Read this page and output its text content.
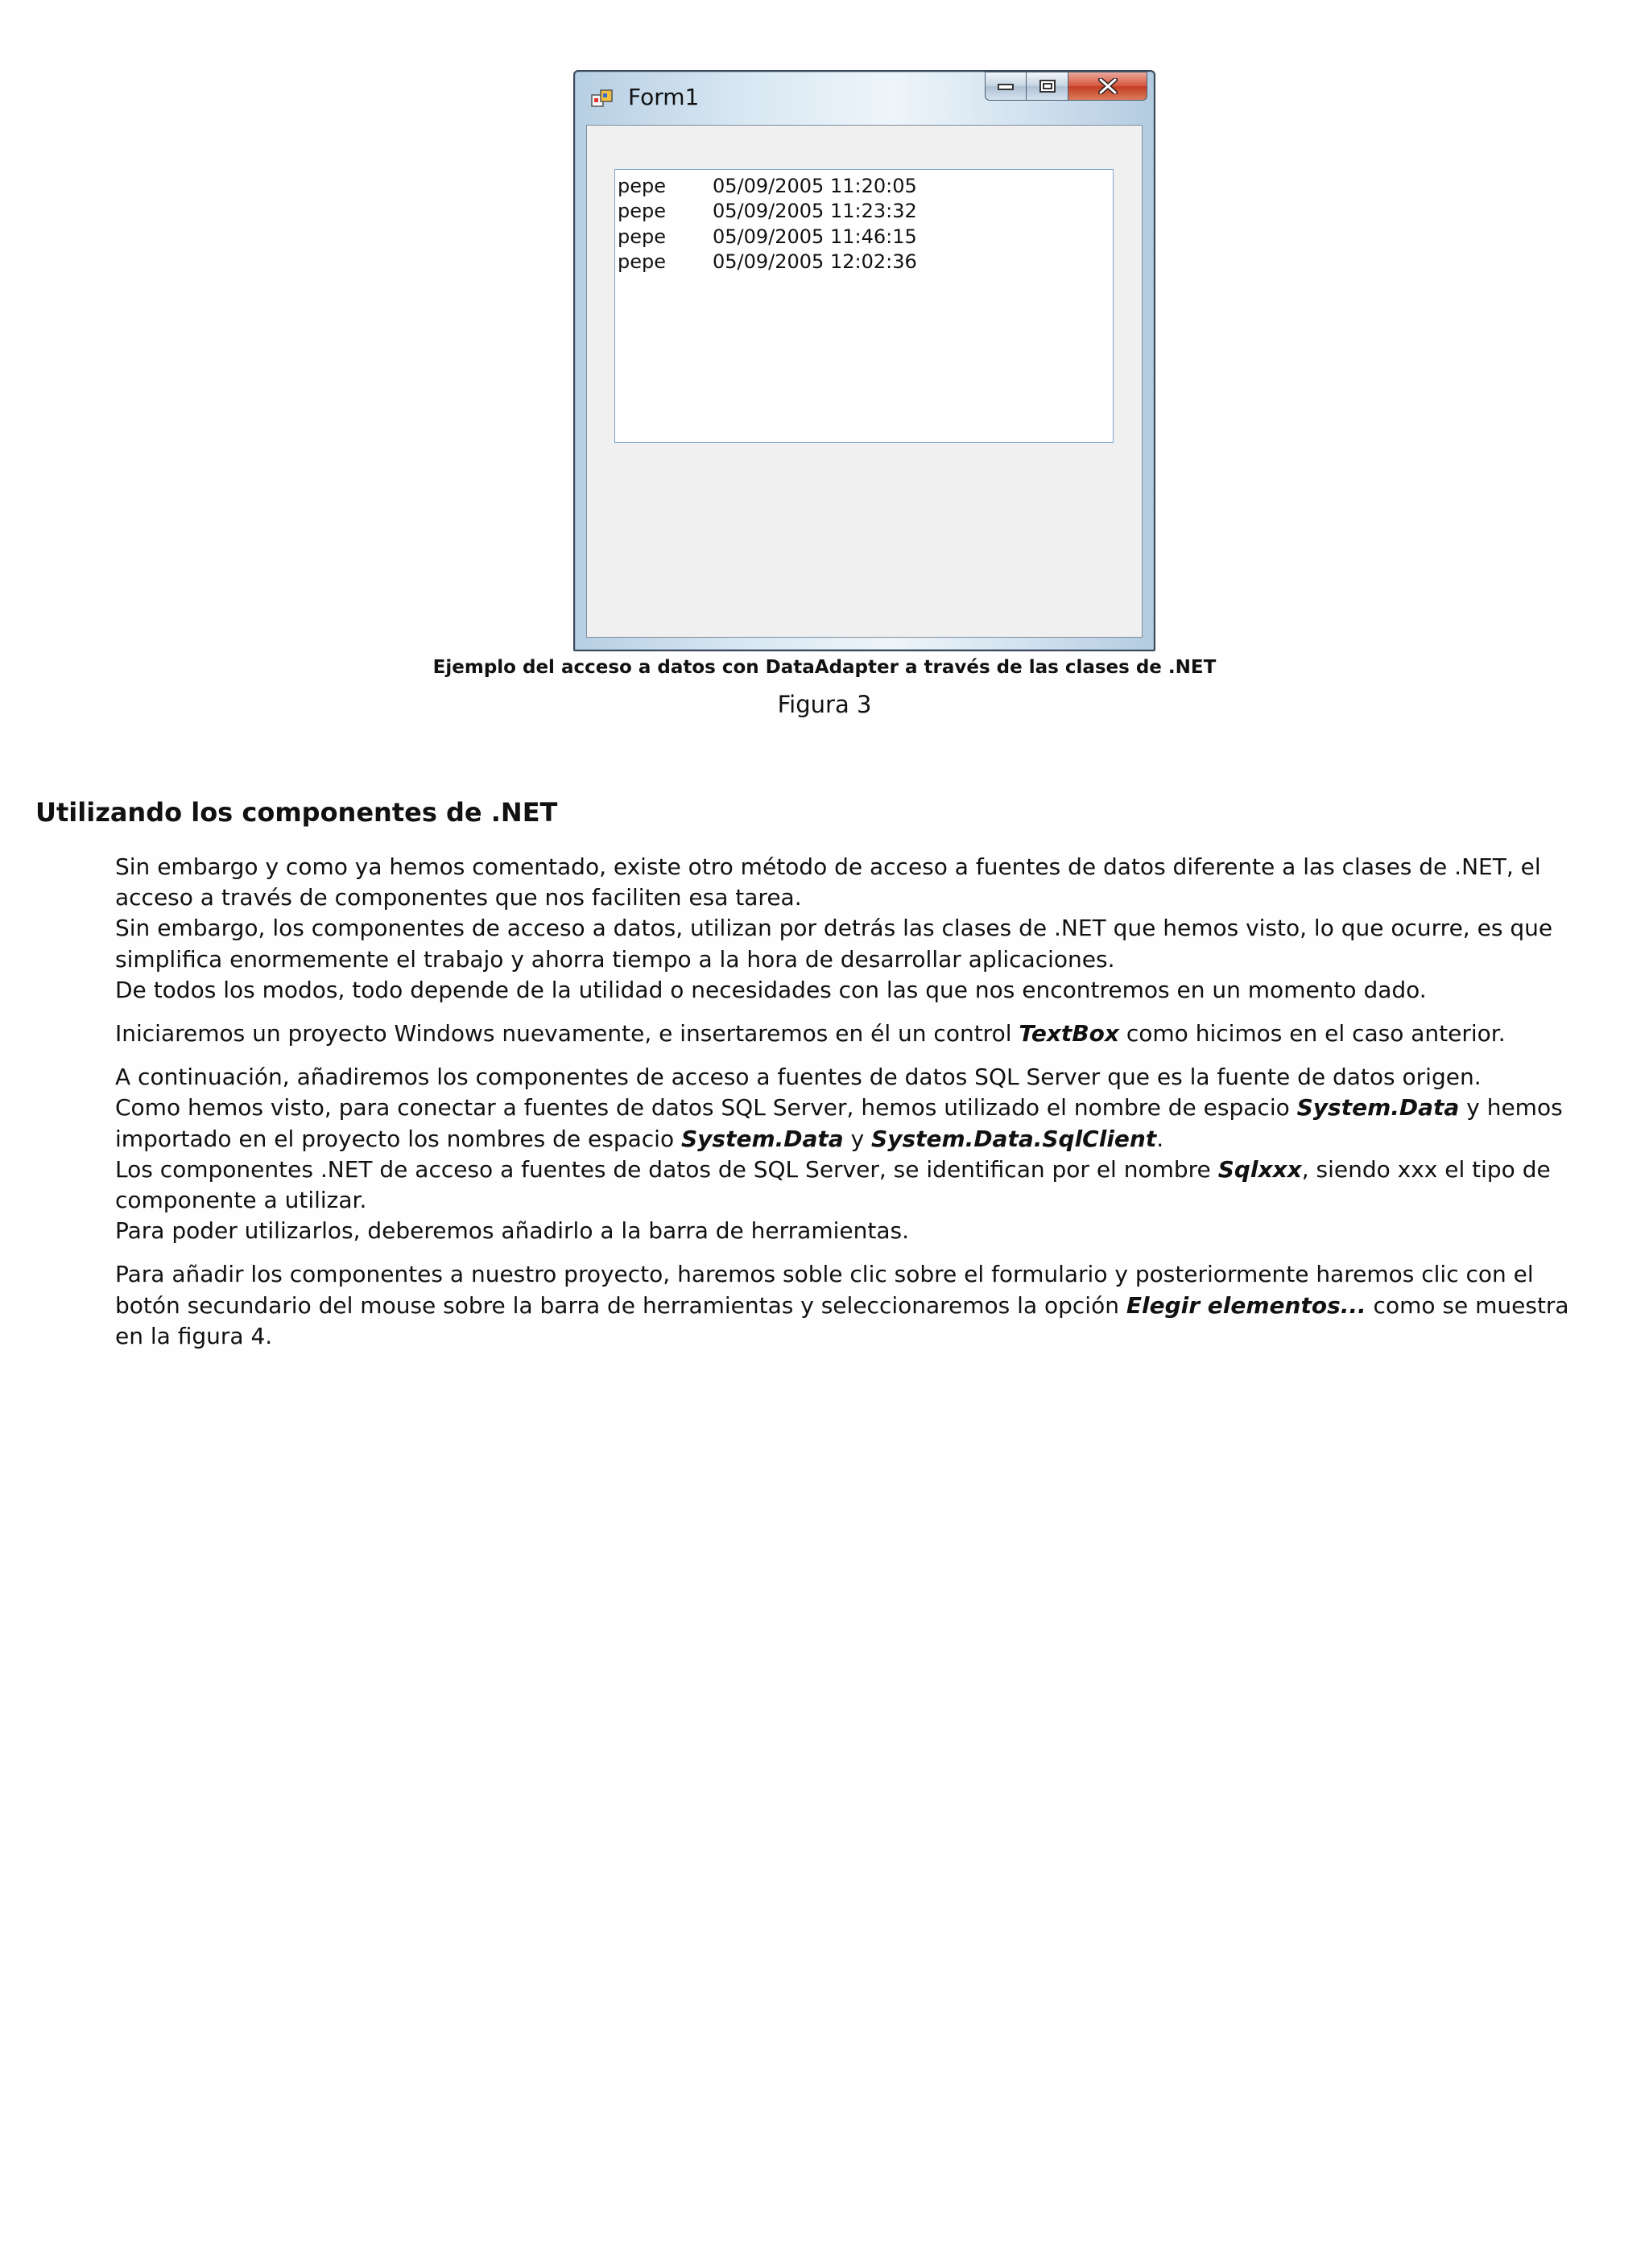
Form1
pepe	05/09/2005 11:20:05
pepe	05/09/2005 11:23:32
pepe	05/09/2005 11:46:15
pepe	05/09/2005 12:02:36
Ejemplo del acceso a datos con DataAdapter a través de las clases de .NET
Figura 3
Utilizando los componentes de .NET

Sin embargo y como ya hemos comentado, existe otro método de acceso a fuentes de datos diferente a las clases de .NET, el acceso a través de componentes que nos faciliten esa tarea.
Sin embargo, los componentes de acceso a datos, utilizan por detrás las clases de .NET que hemos visto, lo que ocurre, es que simplifica enormemente el trabajo y ahorra tiempo a la hora de desarrollar aplicaciones.
De todos los modos, todo depende de la utilidad o necesidades con las que nos encontremos en un momento dado.

Iniciaremos un proyecto Windows nuevamente, e insertaremos en él un control TextBox como hicimos en el caso anterior.

A continuación, añadiremos los componentes de acceso a fuentes de datos SQL Server que es la fuente de datos origen.
Como hemos visto, para conectar a fuentes de datos SQL Server, hemos utilizado el nombre de espacio System.Data y hemos importado en el proyecto los nombres de espacio System.Data y System.Data.SqlClient.
Los componentes .NET de acceso a fuentes de datos de SQL Server, se identifican por el nombre Sqlxxx, siendo xxx el tipo de componente a utilizar.
Para poder utilizarlos, deberemos añadirlo a la barra de herramientas.

Para añadir los componentes a nuestro proyecto, haremos soble clic sobre el formulario y posteriormente haremos clic con el botón secundario del mouse sobre la barra de herramientas y seleccionaremos la opción Elegir elementos... como se muestra en la figura 4.
